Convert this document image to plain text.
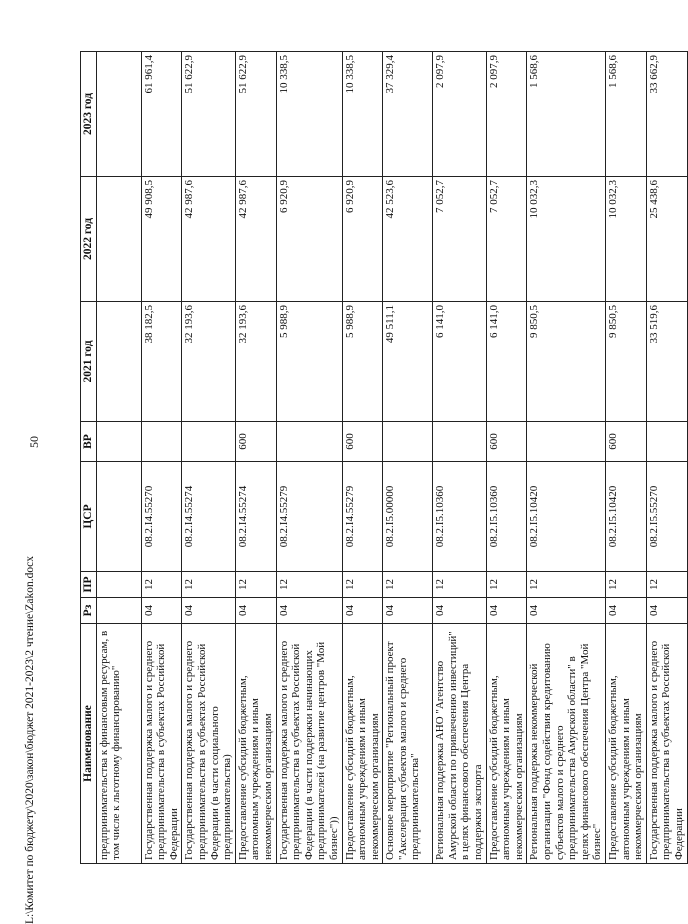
50
Наименование	Рз	ПР	ЦСР	ВР	2021 год	2022 год	2023 год
предпринимательства к финансовым ресурсам, в том числе к льготному финансированию"							
Государственная поддержка малого и среднего предпринимательства в субъектах Российской Федерации	04	12	08.2.I4.55270		38 182,5	49 908,5	61 961,4
Государственная поддержка малого и среднего предпринимательства в субъектах Российской Федерации (в части социального предпринимательства)	04	12	08.2.I4.55274		32 193,6	42 987,6	51 622,9
Предоставление субсидий бюджетным, автономным учреждениям и иным некоммерческим организациям	04	12	08.2.I4.55274	600	32 193,6	42 987,6	51 622,9
Государственная поддержка малого и среднего предпринимательства в субъектах Российской Федерации (в части поддержки начинающих предпринимателей (на развитие центров "Мой бизнес"))	04	12	08.2.I4.55279		5 988,9	6 920,9	10 338,5
Предоставление субсидий бюджетным, автономным учреждениям и иным некоммерческим организациям	04	12	08.2.I4.55279	600	5 988,9	6 920,9	10 338,5
Основное мероприятие "Региональный проект "Акселерация субъектов малого и среднего предпринимательства"	04	12	08.2.I5.00000		49 511,1	42 523,6	37 329,4
Региональная поддержка АНО "Агентство Амурской области по привлечению инвестиций" в целях финансового обеспечения Центра поддержки экспорта	04	12	08.2.I5.10360		6 141,0	7 052,7	2 097,9
Предоставление субсидий бюджетным, автономным учреждениям и иным некоммерческим организациям	04	12	08.2.I5.10360	600	6 141,0	7 052,7	2 097,9
Региональная поддержка некоммерческой организации "Фонд содействия кредитованию субъектов малого и среднего предпринимательства Амурской области" в целях финансового обеспечения Центра "Мой бизнес"	04	12	08.2.I5.10420		9 850,5	10 032,3	1 568,6
Предоставление субсидий бюджетным, автономным учреждениям и иным некоммерческим организациям	04	12	08.2.I5.10420	600	9 850,5	10 032,3	1 568,6
Государственная поддержка малого и среднего предпринимательства в субъектах Российской Федерации	04	12	08.2.I5.55270		33 519,6	25 438,6	33 662,9
L:\Комитет по бюджету\2020\закон\бюджет 2021-2023\2 чтение\Zakon.docx
